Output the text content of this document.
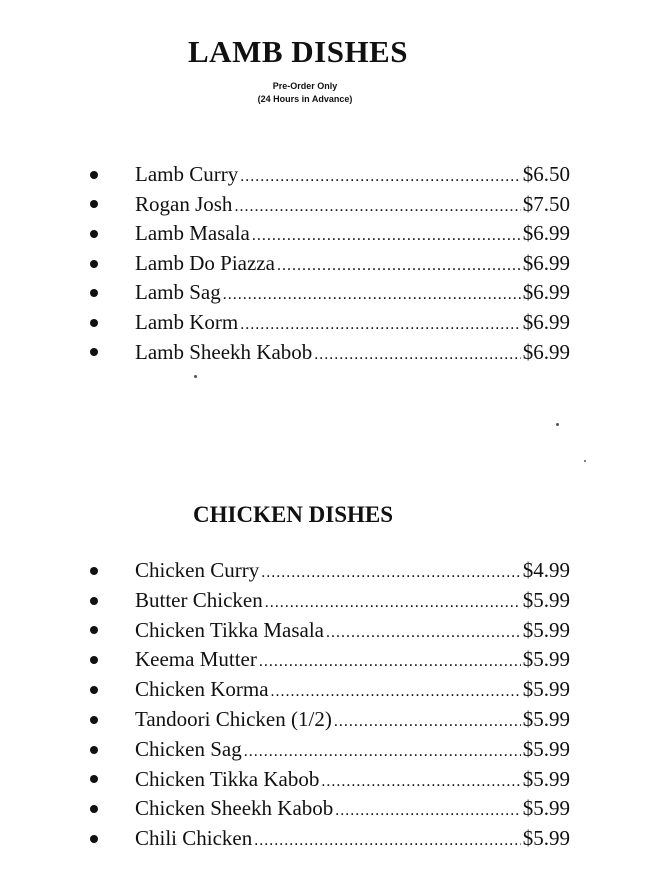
LAMB DISHES
Pre-Order Only
(24 Hours in Advance)
Lamb Curry .....	$6.50
Rogan Josh .....	$7.50
Lamb Masala .....	$6.99
Lamb Do Piazza .....	$6.99
Lamb Sag .....	$6.99
Lamb Korm .....	$6.99
Lamb Sheekh Kabob .....	$6.99
CHICKEN DISHES
Chicken Curry .....	$4.99
Butter Chicken .....	$5.99
Chicken Tikka Masala .....	$5.99
Keema Mutter .....	$5.99
Chicken Korma .....	$5.99
Tandoori Chicken (1/2) .....	$5.99
Chicken Sag .....	$5.99
Chicken Tikka Kabob .....	$5.99
Chicken Sheekh Kabob .....	$5.99
Chili Chicken .....	$5.99
